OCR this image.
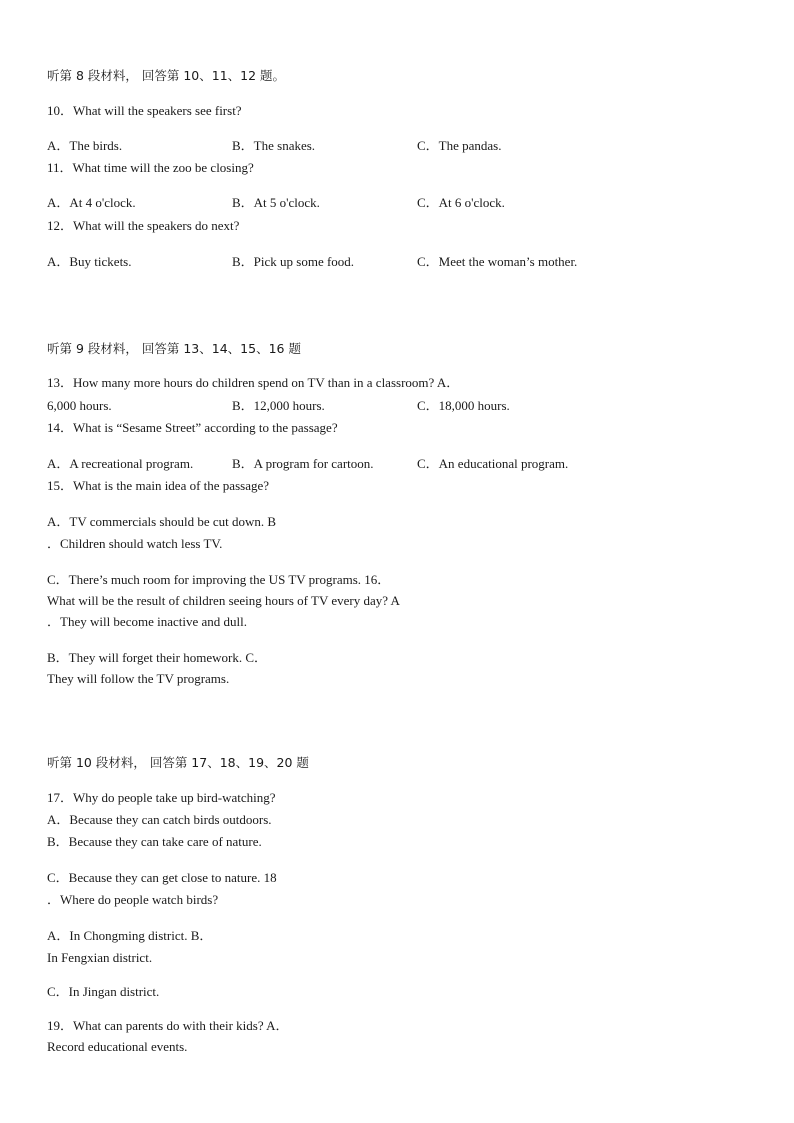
听第 8 段材料， 回答第 10、11、12 题。
10．What will the speakers see first?
A．The birds.	B．The snakes.	C．The pandas.
11．What time will the zoo be closing?
A．At 4 o'clock.	B．At 5 o'clock.	C．At 6 o'clock.
12．What will the speakers do next?
A．Buy tickets.	B．Pick up some food.	C．Meet the woman’s mother.
听第 9 段材料， 回答第 13、14、15、16 题
13．How many more hours do children spend on TV than in a classroom? A．
6,000 hours.	B．12,000 hours.	C．18,000 hours.
14．What is “Sesame Street” according to the passage?
A．A recreational program.	B．A program for cartoon.	C．An educational program.
15．What is the main idea of the passage?
A．TV commercials should be cut down. B
．Children should watch less TV.
C．There’s much room for improving the US TV programs. 16．
What will be the result of children seeing hours of TV every day? A
．They will become inactive and dull.
B．They will forget their homework. C．
They will follow the TV programs.
听第 10 段材料， 回答第 17、18、19、20 题
17．Why do people take up bird-watching?
A．Because they can catch birds outdoors.
B．Because they can take care of nature.
C．Because they can get close to nature. 18
．Where do people watch birds?
A．In Chongming district. B．
In Fengxian district.
C．In Jingan district.
19．What can parents do with their kids? A．
Record educational events.
